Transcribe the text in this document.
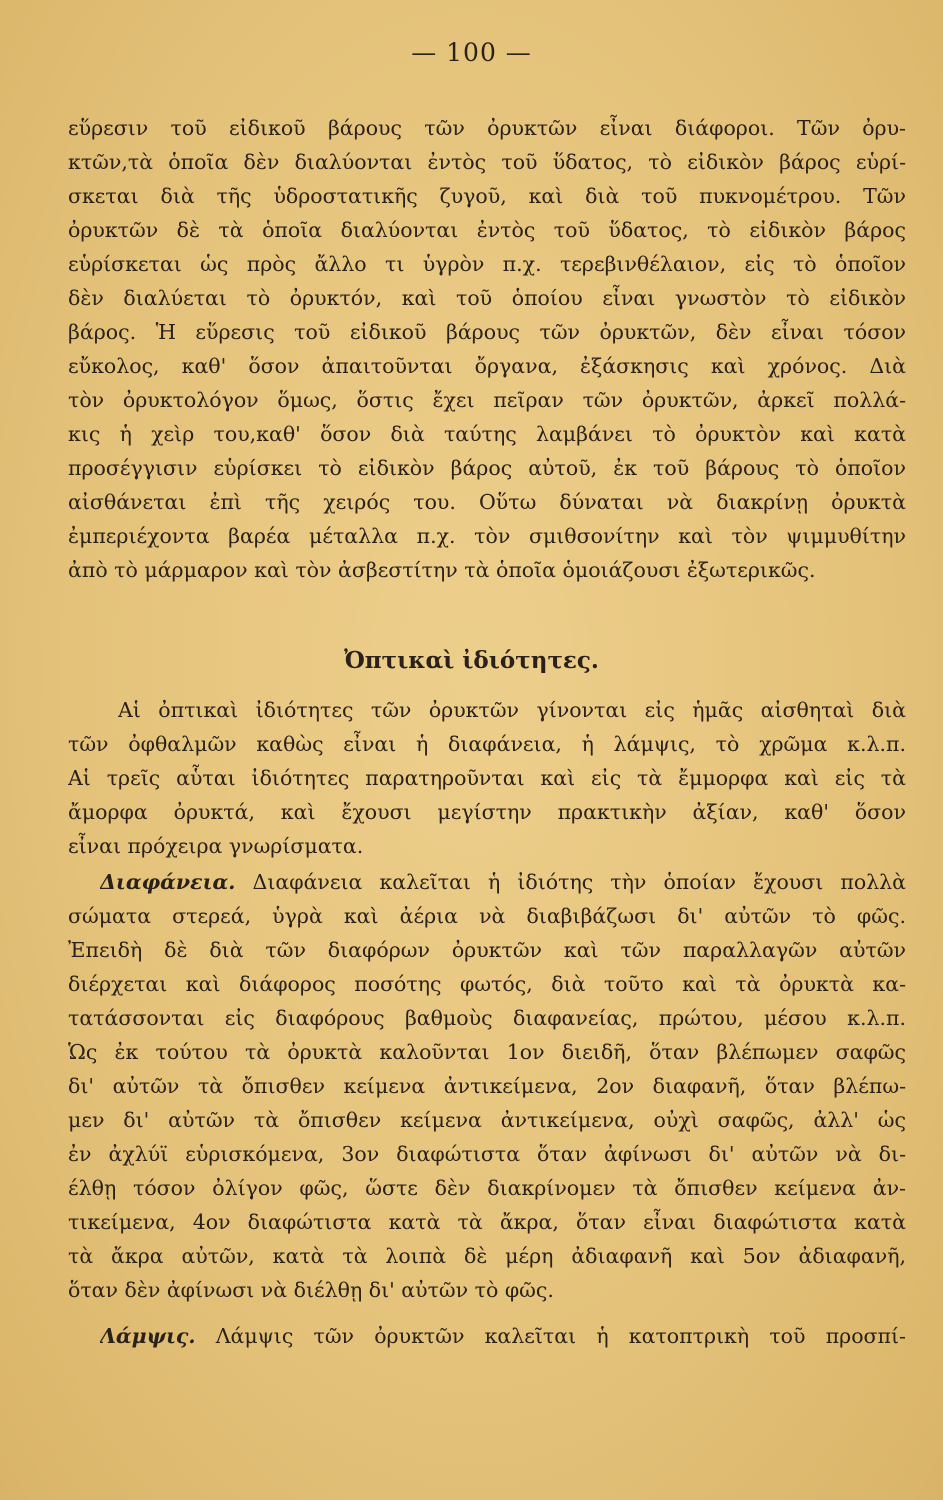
— 100 —
εὕρεσιν τοῦ εἰδικοῦ βάρους τῶν ὀρυκτῶν εἶναι διάφοροι. Τῶν ὀρυ-
κτῶν,τὰ ὁποῖα δὲν διαλύονται ἐντὸς τοῦ ὕδατος, τὸ εἰδικὸν βάρος εὑρί-
σκεται διὰ τῆς ὑδροστατικῆς ζυγοῦ, καὶ διὰ τοῦ πυκνομέτρου. Τῶν
ὀρυκτῶν δὲ τὰ ὁποῖα διαλύονται ἐντὸς τοῦ ὕδατος, τὸ εἰδικὸν βάρος
εὑρίσκεται ὡς πρὸς ἄλλο τι ὑγρὸν π.χ. τερεβινθέλαιον, εἰς τὸ ὁποῖον
δὲν διαλύεται τὸ ὀρυκτόν, καὶ τοῦ ὁποίου εἶναι γνωστὸν τὸ εἰδικὸν
βάρος. Ἡ εὕρεσις τοῦ εἰδικοῦ βάρους τῶν ὀρυκτῶν, δὲν εἶναι τόσον
εὔκολος, καθ' ὅσον ἀπαιτοῦνται ὄργανα, ἐξάσκησις καὶ χρόνος. Διὰ
τὸν ὀρυκτολόγον ὅμως, ὅστις ἔχει πεῖραν τῶν ὀρυκτῶν, ἀρκεῖ πολλά-
κις ἡ χεὶρ του,καθ' ὅσον διὰ ταύτης λαμβάνει τὸ ὀρυκτὸν καὶ κατὰ
προσέγγισιν εὑρίσκει τὸ εἰδικὸν βάρος αὐτοῦ, ἐκ τοῦ βάρους τὸ ὁποῖον
αἰσθάνεται ἐπὶ τῆς χειρός του. Οὕτω δύναται νὰ διακρίνῃ ὀρυκτὰ
ἐμπεριέχοντα βαρέα μέταλλα π.χ. τὸν σμιθσονίτην καὶ τὸν ψιμμυθίτην
ἀπὸ τὸ μάρμαρον καὶ τὸν ἀσβεστίτην τὰ ὁποῖα ὁμοιάζουσι ἐξωτερικῶς.
Ὀπτικαὶ ἰδιότητες.
Αἱ ὀπτικαὶ ἰδιότητες τῶν ὀρυκτῶν γίνονται εἰς ἡμᾶς αἰσθηταὶ διὰ
τῶν ὀφθαλμῶν καθὼς εἶναι ἡ διαφάνεια, ἡ λάμψις, τὸ χρῶμα κ.λ.π.
Αἱ τρεῖς αὗται ἰδιότητες παρατηροῦνται καὶ εἰς τὰ ἔμμορφα καὶ εἰς τὰ
ἄμορφα ὀρυκτά, καὶ ἔχουσι μεγίστην πρακτικὴν ἀξίαν, καθ' ὅσον
εἶναι πρόχειρα γνωρίσματα.
Διαφάνεια. Διαφάνεια καλεῖται ἡ ἰδιότης τὴν ὁποίαν ἔχουσι πολλὰ
σώματα στερεά, ὑγρὰ καὶ ἀέρια νὰ διαβιβάζωσι δι' αὐτῶν τὸ φῶς.
Ἐπειδὴ δὲ διὰ τῶν διαφόρων ὀρυκτῶν καὶ τῶν παραλλαγῶν αὐτῶν
διέρχεται καὶ διάφορος ποσότης φωτός, διὰ τοῦτο καὶ τὰ ὀρυκτὰ κα-
τατάσσονται εἰς διαφόρους βαθμοὺς διαφανείας, πρώτου, μέσου κ.λ.π.
Ὡς ἐκ τούτου τὰ ὀρυκτὰ καλοῦνται 1ον διειδῆ, ὅταν βλέπωμεν σαφῶς
δι' αὐτῶν τὰ ὄπισθεν κείμενα ἀντικείμενα, 2ον διαφανῆ, ὅταν βλέπω-
μεν δι' αὐτῶν τὰ ὄπισθεν κείμενα ἀντικείμενα, οὐχὶ σαφῶς, ἀλλ' ὡς
ἐν ἀχλύϊ εὑρισκόμενα, 3ον διαφώτιστα ὅταν ἀφίνωσι δι' αὐτῶν νὰ δι-
έλθῃ τόσον ὀλίγον φῶς, ὥστε δὲν διακρίνομεν τὰ ὄπισθεν κείμενα ἀν-
τικείμενα, 4ον διαφώτιστα κατὰ τὰ ἄκρα, ὅταν εἶναι διαφώτιστα κατὰ
τὰ ἄκρα αὐτῶν, κατὰ τὰ λοιπὰ δὲ μέρη ἀδιαφανῆ καὶ 5ον ἀδιαφανῆ,
ὅταν δὲν ἀφίνωσι νὰ διέλθῃ δι' αὐτῶν τὸ φῶς.
Λάμψις. Λάμψις τῶν ὀρυκτῶν καλεῖται ἡ κατοπτρικὴ τοῦ προσπί-
